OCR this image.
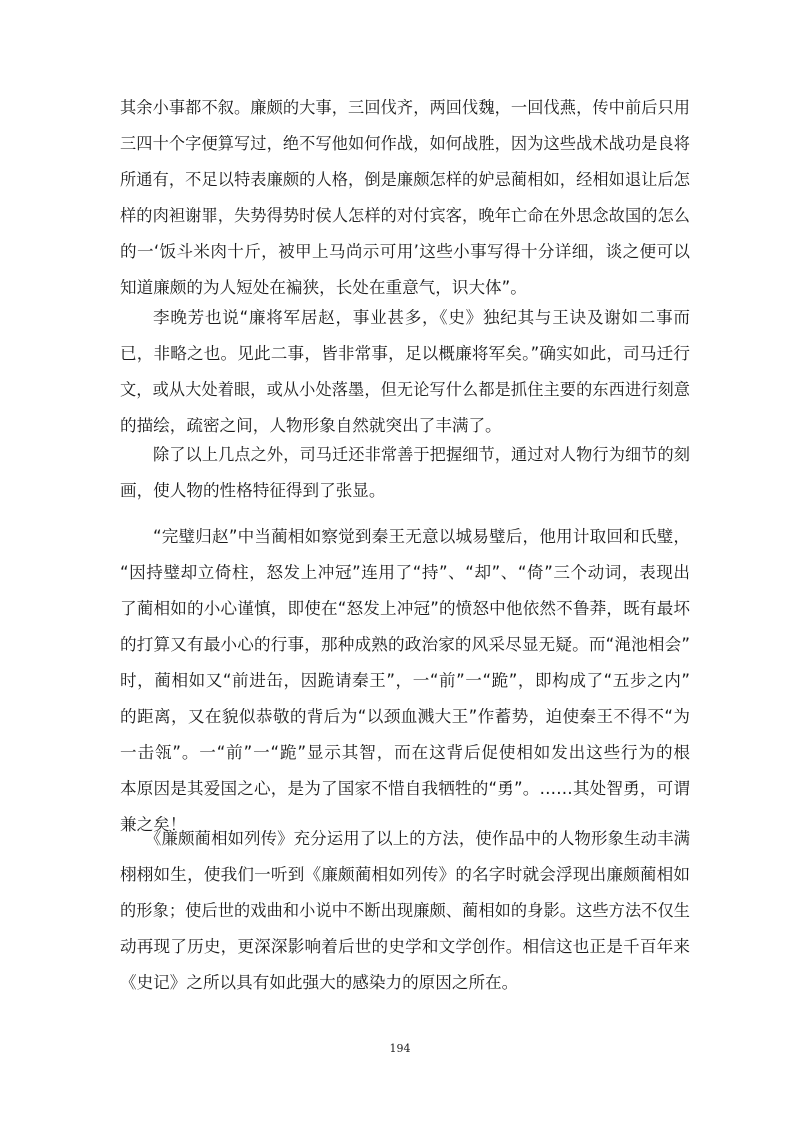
其余小事都不叙。廉颇的大事，三回伐齐，两回伐魏，一回伐燕，传中前后只用
三四十个字便算写过，绝不写他如何作战，如何战胜，因为这些战术战功是良将
所通有，不足以特表廉颇的人格，倒是廉颇怎样的妒忌蔺相如，经相如退让后怎
样的肉袒谢罪，失势得势时侯人怎样的对付宾客，晚年亡命在外思念故国的怎么
的一‘饭斗米肉十斤，被甲上马尚示可用’这些小事写得十分详细，谈之便可以
知道廉颇的为人短处在褊狭，长处在重意气，识大体”。
李晚芳也说“廉将军居赵，事业甚多，《史》独纪其与王诀及谢如二事而
已，非略之也。见此二事，皆非常事，足以概廉将军矣。”确实如此，司马迁行
文，或从大处着眼，或从小处落墨，但无论写什么都是抓住主要的东西进行刻意
的描绘，疏密之间，人物形象自然就突出了丰满了。
除了以上几点之外，司马迁还非常善于把握细节，通过对人物行为细节的刻
画，使人物的性格特征得到了张显。
“完璧归赵”中当蔺相如察觉到秦王无意以城易璧后，他用计取回和氏璧，
“因持璧却立倚柱，怒发上冲冠”连用了“持”、“却”、“倚”三个动词，表现出
了蔺相如的小心谨慎，即使在“怒发上冲冠”的愤怒中他依然不鲁莽，既有最坏
的打算又有最小心的行事，那种成熟的政治家的风采尽显无疑。而“渑池相会”
时，蔺相如又“前进缶，因跪请秦王”，一“前”一“跪”，即构成了“五步之内”
的距离，又在貌似恭敬的背后为“以颈血溅大王”作蓄势，迫使秦王不得不“为
一击瓴”。一“前”一“跪”显示其智，而在这背后促使相如发出这些行为的根
本原因是其爱国之心，是为了国家不惜自我牺牲的“勇”。……其处智勇，可谓
兼之矣！
《廉颇蔺相如列传》充分运用了以上的方法，使作品中的人物形象生动丰满
栩栩如生，使我们一听到《廉颇蔺相如列传》的名字时就会浮现出廉颇蔺相如
的形象；使后世的戏曲和小说中不断出现廉颇、蔺相如的身影。这些方法不仅生
动再现了历史，更深深影响着后世的史学和文学创作。相信这也正是千百年来
《史记》之所以具有如此强大的感染力的原因之所在。
194
